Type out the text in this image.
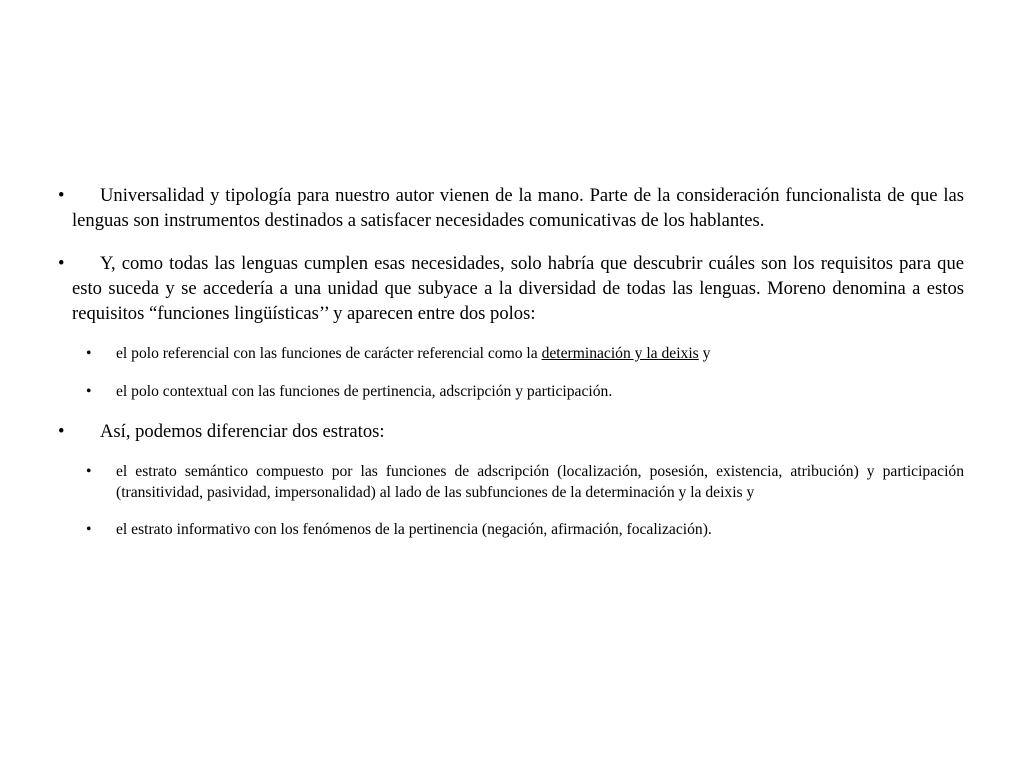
• Universalidad y tipología para nuestro autor vienen de la mano. Parte de la consideración funcionalista de que las lenguas son instrumentos destinados a satisfacer necesidades comunicativas de los hablantes.

• Y, como todas las lenguas cumplen esas necesidades, solo habría que descubrir cuáles son los requisitos para que esto suceda y se accedería a una unidad que subyace a la diversidad de todas las lenguas. Moreno denomina a estos requisitos “funciones lingüísticas’’ y aparecen entre dos polos:

• el polo referencial con las funciones de carácter referencial como la determinación y la deixis y
• el polo contextual con las funciones de pertinencia, adscripción y participación.

• Así, podemos diferenciar dos estratos:

• el estrato semántico compuesto por las funciones de adscripción (localización, posesión, existencia, atribución) y participación (transitividad, pasividad, impersonalidad) al lado de las subfunciones de la determinación y la deixis y
• el estrato informativo con los fenómenos de la pertinencia (negación, afirmación, focalización).
